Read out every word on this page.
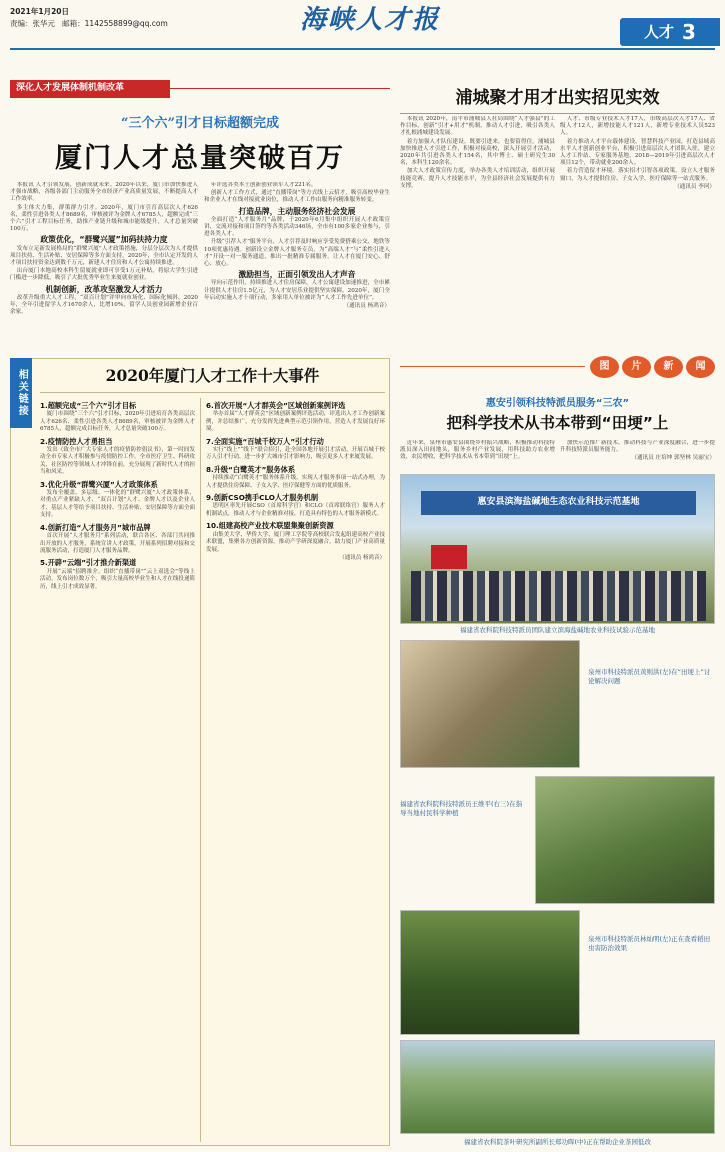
2021年1月20日
责编：张华元 邮箱：1142558899@qq.com	海峡人才报	人才 3
深化人才发展体制机制改革
“三个六”引才目标超额完成
厦门人才总量突破百万

本报讯 人才引领发展，创新成就未来。2020年以来，厦门市加快推进人才强市战略，各级各部门主动服务全市经济产业高质量发展，不断提高人才工作效率。

多主体大力集，群策群力引才。2020年，厦门市引育高层次人才626名，柔性引进各类人才8689名，审核被评为金牌人才6785人，超额完成“三个六”引才工程目标任务，助推产业链升级和城市能级提升，人才总量突破100万。

政策优化，“群鹭兴厦”加码扶持力度

发布立足新发展格局的“群鹭兴厦”人才政策措施，分层分层次为人才提供项目扶持、生活补贴、安居保障等多方面支持。2020年，全市认定开发的人才项目扶持资金达到数千万元，新建人才住房和人才公寓持续推进。

出台厦门本地高校本科生留厦就业即可享受1万元补贴，将原大学生引进门槛进一步降低，吸引了大批优秀毕业生来厦就业创业。

机制创新，改革攻坚激发人才活力

改革升级重大人才工程，“双百计划”评审向市场化、国际化倾斜，2020年，全年引进留学人才1670余人，比增10%，留学人员创业园新增企业百余家。

年评选各类本土创新创业领军人才221名。

创新人才工作方式，通过“直播带岗”等方式线上云招才，吸引高校毕业生和企业人才在线对接就业岗位，推动人才工作由服务向精准服务转变。

打造品牌，主动服务经济社会发展

全面打造“人才服务月”品牌，于2020年6月集中组织开展人才政策宣讲、交流对接和项目签约等各类活动346场，全市有100多家企业参与，引进各类人才。

升级“引荐人才”服务平台，人才引荐及时响应享受免费搭乘公交、地铁等10项优惠待遇。创新设立金牌人才服务专员，为“高端人才”与“柔性引进人才”开设一对一服务通道，推出一批精准专属服务，让人才在厦门安心、舒心、放心。

激励担当，正面引领发出人才声音

导向示范作用，持续推进人才住房保障，人才公寓建设加速推进，全市累计提供人才住房1.5亿元，为人才安居乐业提供坚实保障。2020年，厦门全年启动实施人才十项行动，多家用人单位被评为“人才工作先进单位”。

（通讯员 杨鸿音）

浦城聚才用才出实招见实效

本报讯 2020年，南平市浦城县人社局围绕“人才强县”的工作目标，创新“引才+用才”机制，推动人才引进，吸引各类人才扎根浦城建设发展。

着力加强人才队伍建设。既要引进来，也要留得住。浦城县加快推进人才引进工作，积极对接高校，深入开展引才活动，2020年共引进各类人才154名，其中博士、硕士研究生30名，本科生120余名。

加大人才政策宣传力度，举办各类人才培训活动，组织开展技能竞赛，提升人才技能水平，为全县经济社会发展提供有力支撑。

人才、市级专业技术人才17人，市级高层次人才17人、省级人才12人，新增技能人才121人，新增专业技术人员523人。

着力推动人才平台载体建设。智慧科技产业园，打造县域高水平人才创新创业平台，积极引进高层次人才团队入驻，建立人才工作站、专家服务基地，2018—2019年引进高层次人才项目12个，带动就业200余人。

着力营造留才环境。落实招才引智各项政策，设立人才服务窗口，为人才提供住房、子女入学、医疗保障等一站式服务。

（通讯员 李珂）

图	片	新	闻
惠安引领科技特派员服务“三农”
把科学技术从书本带到“田埂”上

近年来，泉州市惠安县围绕乡村振兴战略，积极推动科技特派员深入田间地头，服务乡村产业发展，用科技助力农业增效、农民增收，把科学技术从书本带到“田埂”上。

加快示范推广新技术，推动科技与产业深度融合，进一步提升科技特派员服务能力。

（通讯员 庄培坤 郭坚林 吴丽宝）

惠安县滨海盐碱地生态农业科技示范基地
福建省农科院科技特派员团队建立滨海盐碱地农业科技试验示范基地
泉州市科技特派员黄则洪(左)在“田埂上”讨论解决问题
福建省农科院科技特派员王维平(右三)在指导当地村民科学种植
泉州市科技特派员林灿明(左)正在查看稻田虫害防治效果
福建省农科院茶叶研究所副所长郑功晖(中)正在帮助企业茶园低改
相关链接	2020年厦门人才工作十大事件
1.超额完成“三个六”引才目标

厦门市围绕“三个六”引才目标，2020年引进培育各类高层次人才626名、柔性引进各类人才8689名，审核被评为金牌人才6785人，超额完成目标任务，人才总量突破100万。

2.疫情防控人才勇担当

发出《致全市广大专家人才的疫情防控倡议书》，第一时间发动全市专家人才积极参与疫情防控工作。全市医疗卫生、科研攻关、社区防控等领域人才冲锋在前，充分展现了新时代人才的担当和风采。

3.优化升级“群鹭兴厦”人才政策体系

发布全覆盖、多层级、一体化的“群鹭兴厦”人才政策体系，对重点产业紧缺人才、“双百计划”人才、金牌人才以及企业人才、基层人才等给予项目扶持、生活补贴、安居保障等方面全面支持。

4.创新打造“人才服务月”城市品牌

首次开展“人才服务月”系列活动，联合各区、各部门共同推出开放的人才服务，系统宣讲人才政策，开展系列招聘对接和交流服务活动，打造厦门人才服务品牌。

5.开辟“云端”引才推介新渠道

开展“云端”招聘推介，组织“直播带岗”“云上双选会”等线上活动，发布岗位数万个，吸引大量高校毕业生和人才在线投递简历，线上引才成效显著。

6.首次开展“人才群英会”区域创新案例评选

举办首届“人才群英会”区域创新案例评选活动，评选出人才工作创新案例，并总结推广，充分发挥先进典型示范引领作用，营造人才发展良好环境。

7.全面实施“百城千校万人”引才行动

实行“线上”“线下”联合招引，赴全国各地开展引才活动，开展百城千校万人引才行动，进一步扩大城市引才影响力，吸引更多人才来厦发展。

8.升级“白鹭英才”服务体系

持续推动“白鹭英才”服务体系升级，实现人才服务事项一站式办理，为人才提供住房保障、子女入学、医疗保健等方面的优质服务。

9.创新CSO携手CLO人才服务机制

思明区率先开展CSO（首席科学官）和CLO（首席联络官）服务人才机制试点，推动人才与企业精准对接，打造具有特色的人才服务新模式。

10.组建高校产业技术联盟集聚创新资源

由集美大学、华侨大学、厦门理工学院等高校联合发起组建高校产业技术联盟，集聚各方创新资源，推动产学研深度融合，助力厦门产业高质量发展。

（通讯员 杨鸿音）
